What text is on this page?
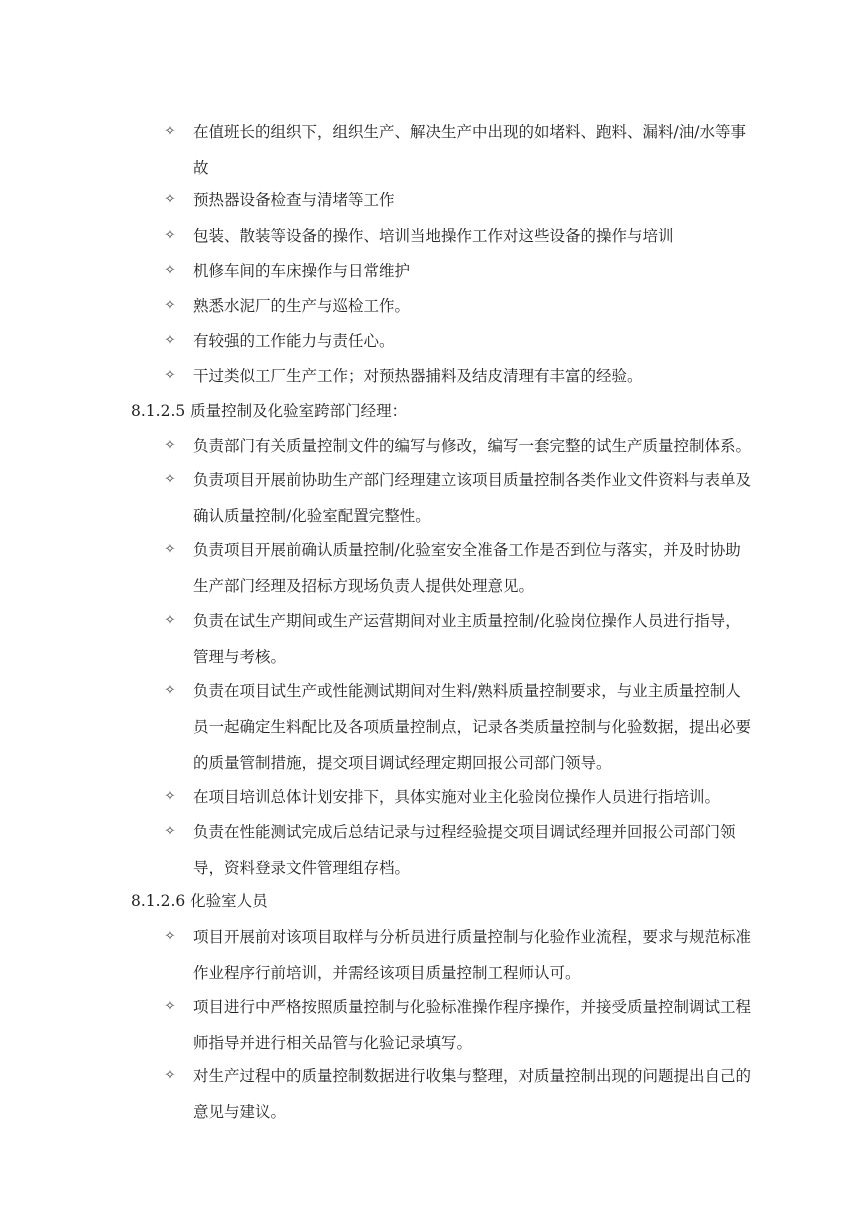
✧ 在值班长的组织下，组织生产、解决生产中出现的如堵料、跑料、漏料/油/水等事故
✧ 预热器设备检查与清堵等工作
✧ 包装、散装等设备的操作、培训当地操作工作对这些设备的操作与培训
✧ 机修车间的车床操作与日常维护
✧ 熟悉水泥厂的生产与巡检工作。
✧ 有较强的工作能力与责任心。
✧ 干过类似工厂生产工作；对预热器捕料及结皮清理有丰富的经验。
8.1.2.5 质量控制及化验室跨部门经理：
✧ 负责部门有关质量控制文件的编写与修改，编写一套完整的试生产质量控制体系。
✧ 负责项目开展前协助生产部门经理建立该项目质量控制各类作业文件资料与表单及确认质量控制/化验室配置完整性。
✧ 负责项目开展前确认质量控制/化验室安全准备工作是否到位与落实，并及时协助生产部门经理及招标方现场负责人提供处理意见。
✧ 负责在试生产期间或生产运营期间对业主质量控制/化验岗位操作人员进行指导，管理与考核。
✧ 负责在项目试生产或性能测试期间对生料/熟料质量控制要求，与业主质量控制人员一起确定生料配比及各项质量控制点，记录各类质量控制与化验数据，提出必要的质量管制措施，提交项目调试经理定期回报公司部门领导。
✧ 在项目培训总体计划安排下，具体实施对业主化验岗位操作人员进行指培训。
✧ 负责在性能测试完成后总结记录与过程经验提交项目调试经理并回报公司部门领导，资料登录文件管理组存档。
8.1.2.6 化验室人员
✧ 项目开展前对该项目取样与分析员进行质量控制与化验作业流程，要求与规范标准作业程序行前培训，并需经该项目质量控制工程师认可。
✧ 项目进行中严格按照质量控制与化验标准操作程序操作，并接受质量控制调试工程师指导并进行相关品管与化验记录填写。
✧ 对生产过程中的质量控制数据进行收集与整理，对质量控制出现的问题提出自己的意见与建议。
